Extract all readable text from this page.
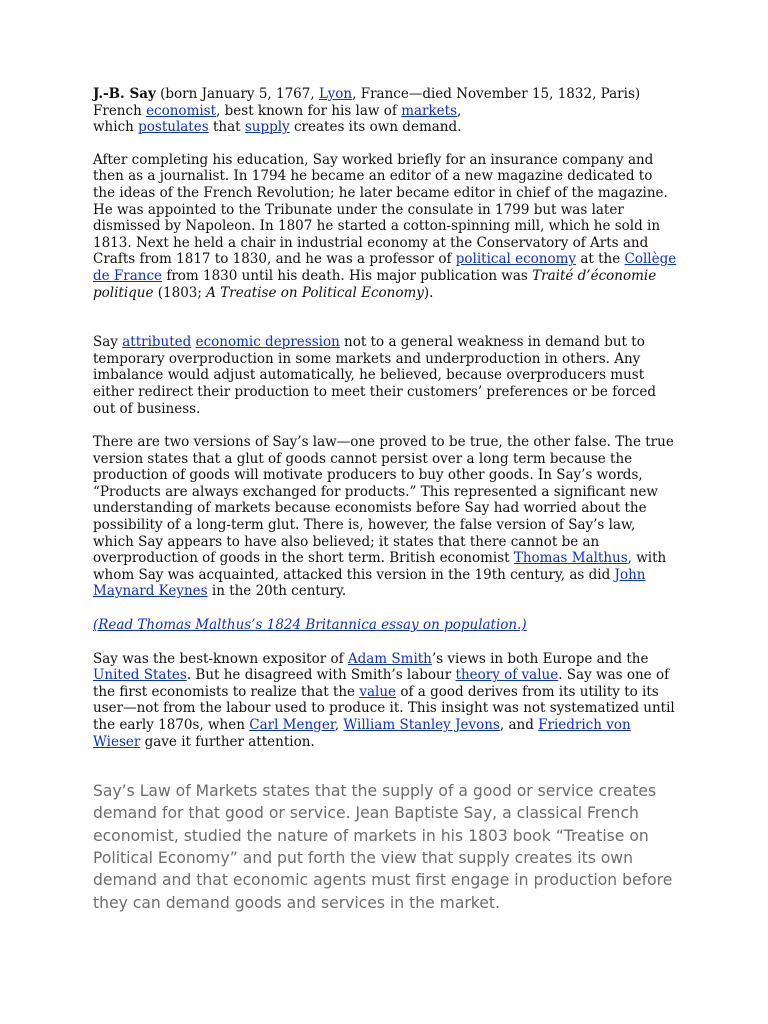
J.-B. Say (born January 5, 1767, Lyon, France—died November 15, 1832, Paris)
French economist, best known for his law of markets,
which postulates that supply creates its own demand.

After completing his education, Say worked briefly for an insurance company and then as a journalist. In 1794 he became an editor of a new magazine dedicated to the ideas of the French Revolution; he later became editor in chief of the magazine. He was appointed to the Tribunate under the consulate in 1799 but was later dismissed by Napoleon. In 1807 he started a cotton-spinning mill, which he sold in 1813. Next he held a chair in industrial economy at the Conservatory of Arts and Crafts from 1817 to 1830, and he was a professor of political economy at the Collège de France from 1830 until his death. His major publication was Traité d’économie politique (1803; A Treatise on Political Economy).

Say attributed economic depression not to a general weakness in demand but to temporary overproduction in some markets and underproduction in others. Any imbalance would adjust automatically, he believed, because overproducers must either redirect their production to meet their customers’ preferences or be forced out of business.

There are two versions of Say’s law—one proved to be true, the other false. The true version states that a glut of goods cannot persist over a long term because the production of goods will motivate producers to buy other goods. In Say’s words, “Products are always exchanged for products.” This represented a significant new understanding of markets because economists before Say had worried about the possibility of a long-term glut. There is, however, the false version of Say’s law, which Say appears to have also believed; it states that there cannot be an overproduction of goods in the short term. British economist Thomas Malthus, with whom Say was acquainted, attacked this version in the 19th century, as did John Maynard Keynes in the 20th century.

(Read Thomas Malthus’s 1824 Britannica essay on population.)

Say was the best-known expositor of Adam Smith’s views in both Europe and the United States. But he disagreed with Smith’s labour theory of value. Say was one of the first economists to realize that the value of a good derives from its utility to its user—not from the labour used to produce it. This insight was not systematized until the early 1870s, when Carl Menger, William Stanley Jevons, and Friedrich von Wieser gave it further attention.

Say’s Law of Markets states that the supply of a good or service creates demand for that good or service. Jean Baptiste Say, a classical French economist, studied the nature of markets in his 1803 book “Treatise on Political Economy” and put forth the view that supply creates its own demand and that economic agents must first engage in production before they can demand goods and services in the market.
